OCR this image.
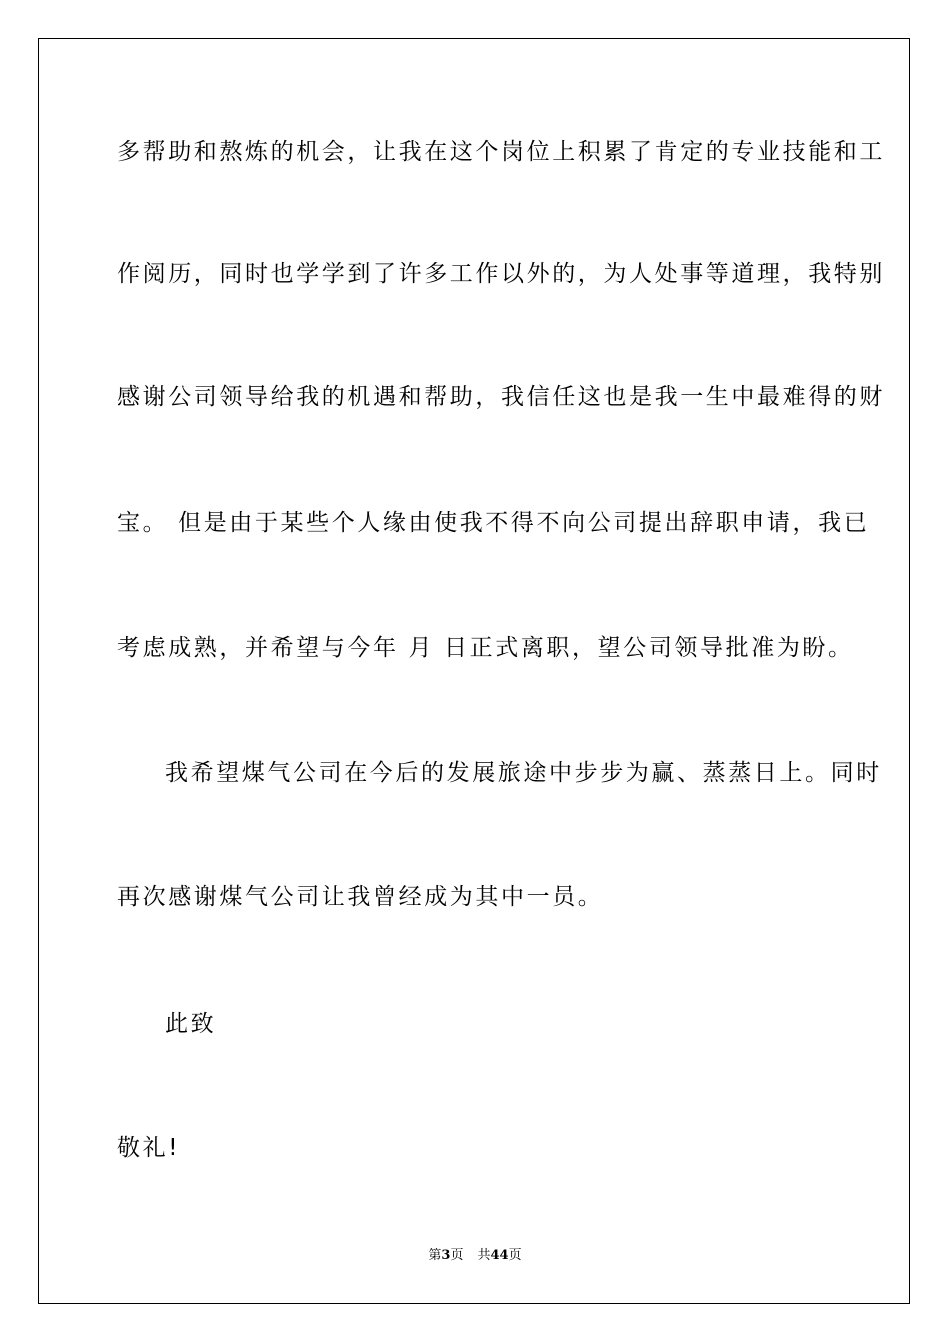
多帮助和熬炼的机会，让我在这个岗位上积累了肯定的专业技能和工
作阅历，同时也学学到了许多工作以外的，为人处事等道理，我特别
感谢公司领导给我的机遇和帮助，我信任这也是我一生中最难得的财
宝。 但是由于某些个人缘由使我不得不向公司提出辞职申请，我已
考虑成熟，并希望与今年 月 日正式离职，望公司领导批准为盼。
我希望煤气公司在今后的发展旅途中步步为赢、蒸蒸日上。同时
再次感谢煤气公司让我曾经成为其中一员。
此致
敬礼!
第3页 共44页
